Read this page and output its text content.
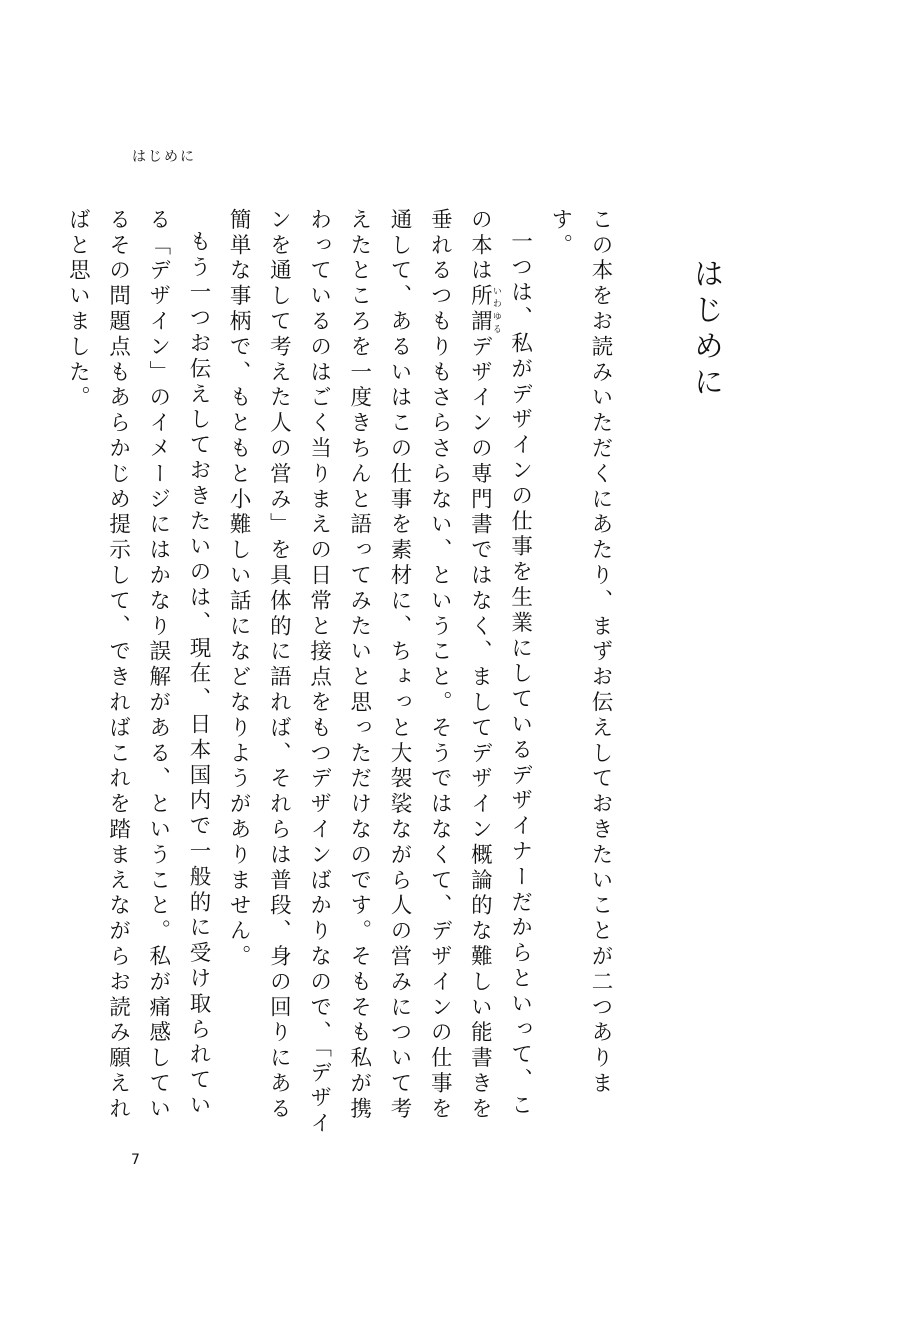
はじめに
はじめに

この本をお読みいただくにあたり、まずお伝えしておきたいことが二つあります。

一つは、私がデザインの仕事を生業にしているデザイナーだからといって、この本は所謂いわゆるデザインの専門書ではなく、ましてデザイン概論的な難しい能書きを垂れるつもりもさらさらない、ということ。そうではなくて、デザインの仕事を通して、あるいはこの仕事を素材に、ちょっと大袈裟ながら人の営みについて考えたところを一度きちんと語ってみたいと思っただけなのです。そもそも私が携わっているのはごく当りまえの日常と接点をもつデザインばかりなので、「デザインを通して考えた人の営み」を具体的に語れば、それらは普段、身の回りにある簡単な事柄で、もともと小難しい話になどなりようがありません。

もう一つお伝えしておきたいのは、現在、日本国内で一般的に受け取られている「デザイン」のイメージにはかなり誤解がある、ということ。私が痛感しているその問題点もあらかじめ提示して、できればこれを踏まえながらお読み願えればと思いました。

7
